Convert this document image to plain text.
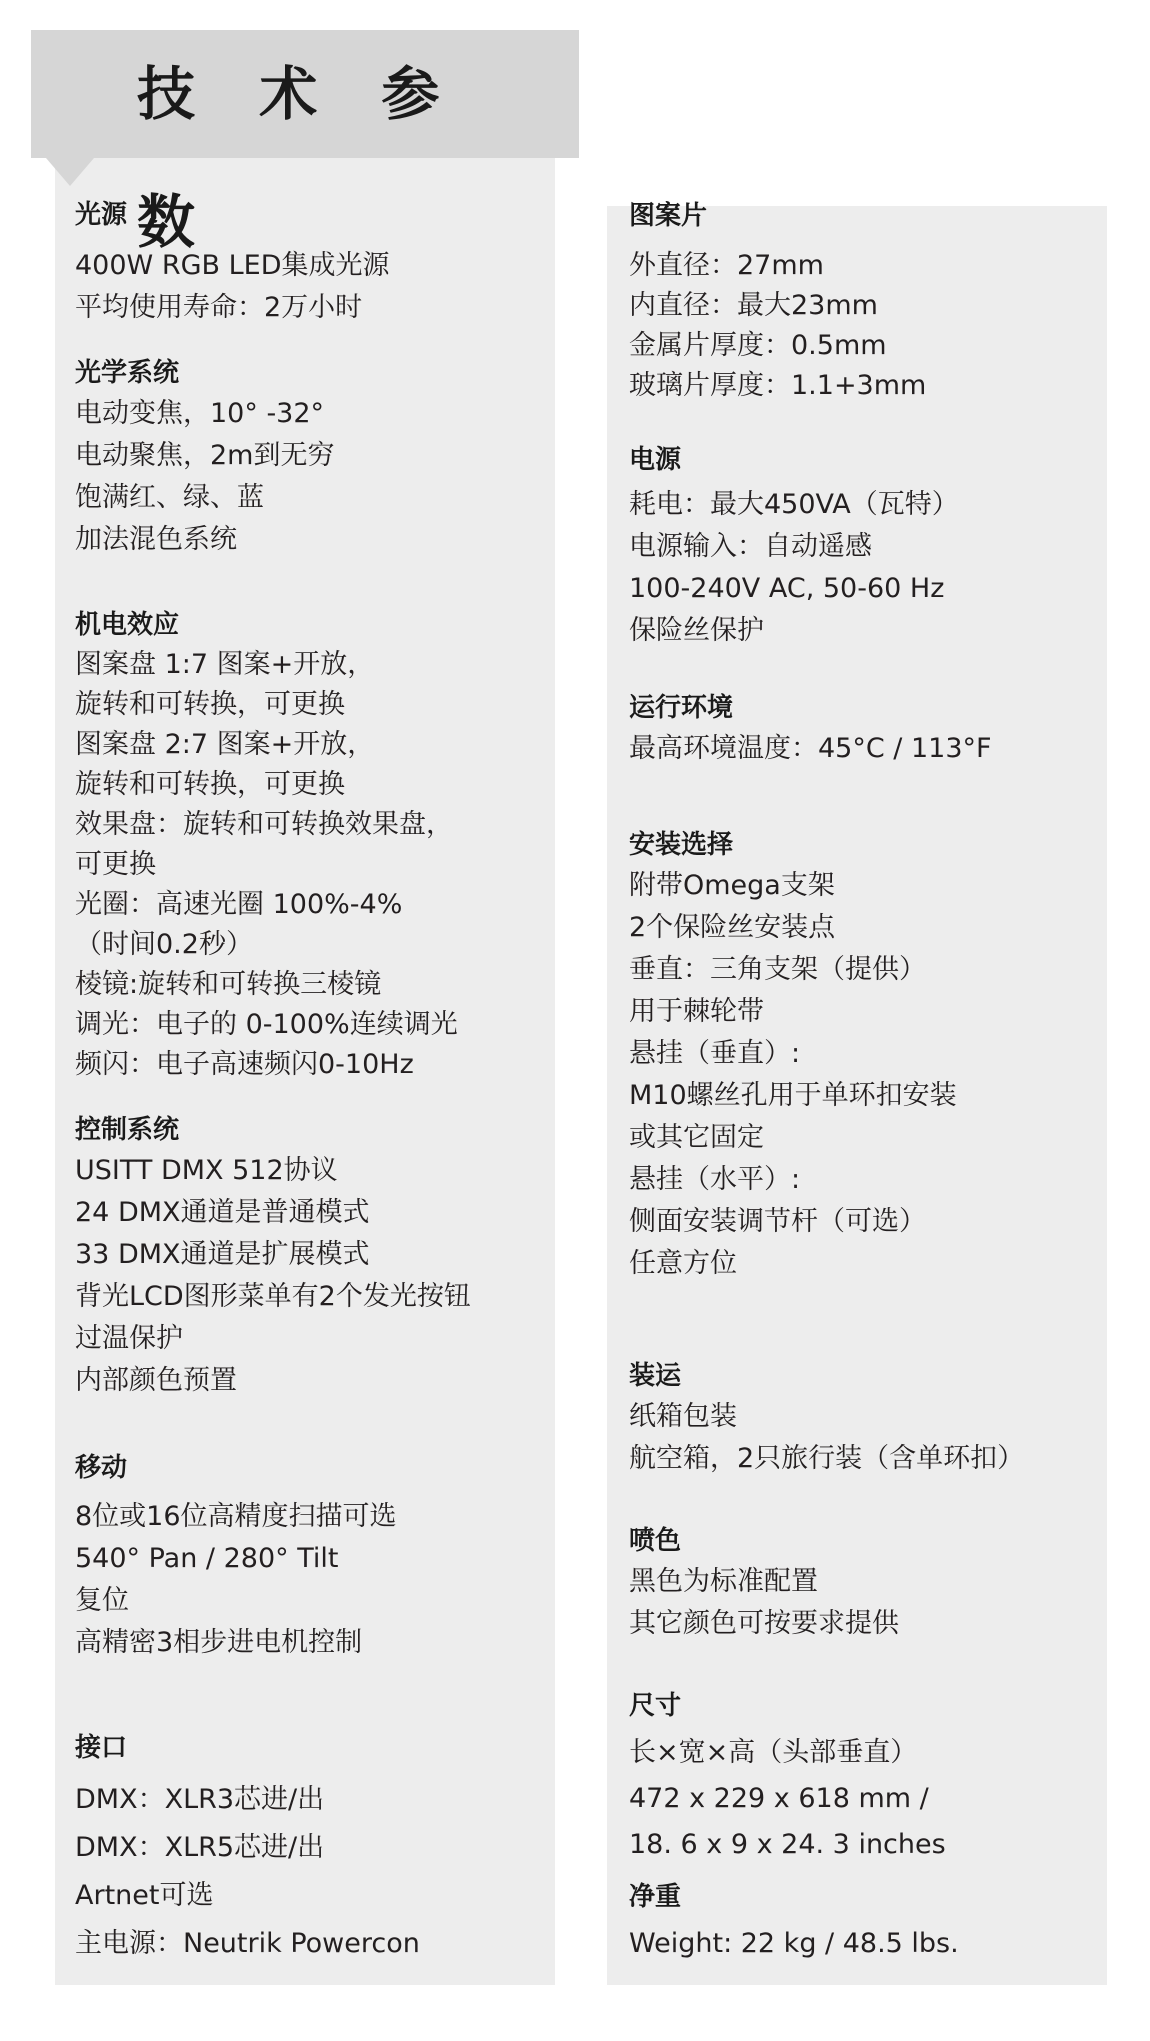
技 术 参 数
光源
400W RGB LED集成光源
平均使用寿命：2万小时
光学系统
电动变焦，10° -32°
电动聚焦，2m到无穷
饱满红、绿、蓝
加法混色系统
机电效应
图案盘 1:7 图案+开放，
旋转和可转换，可更换
图案盘 2:7 图案+开放，
旋转和可转换，可更换
效果盘：旋转和可转换效果盘，
可更换
光圈：高速光圈 100%-4%
（时间0.2秒）
棱镜:旋转和可转换三棱镜
调光：电子的 0-100%连续调光
频闪：电子高速频闪0-10Hz
控制系统
USITT DMX 512协议
24 DMX通道是普通模式
33 DMX通道是扩展模式
背光LCD图形菜单有2个发光按钮
过温保护
内部颜色预置
移动
8位或16位高精度扫描可选
540° Pan / 280° Tilt
复位
高精密3相步进电机控制
接口
DMX：XLR3芯进/出
DMX：XLR5芯进/出
Artnet可选
主电源：Neutrik Powercon
图案片
外直径：27mm
内直径：最大23mm
金属片厚度：0.5mm
玻璃片厚度：1.1+3mm
电源
耗电：最大450VA（瓦特）
电源输入：自动遥感
100-240V AC, 50-60 Hz
保险丝保护
运行环境
最高环境温度：45°C / 113°F
安装选择
附带Omega支架
2个保险丝安装点
垂直：三角支架（提供）
用于棘轮带
悬挂（垂直）:
M10螺丝孔用于单环扣安装
或其它固定
悬挂（水平）:
侧面安装调节杆（可选）
任意方位
装运
纸箱包装
航空箱，2只旅行装（含单环扣）
喷色
黑色为标准配置
其它颜色可按要求提供
尺寸
长×宽×高（头部垂直）
472 x 229 x 618 mm /
18. 6 x 9 x 24. 3 inches
净重
Weight: 22 kg / 48.5 lbs.
